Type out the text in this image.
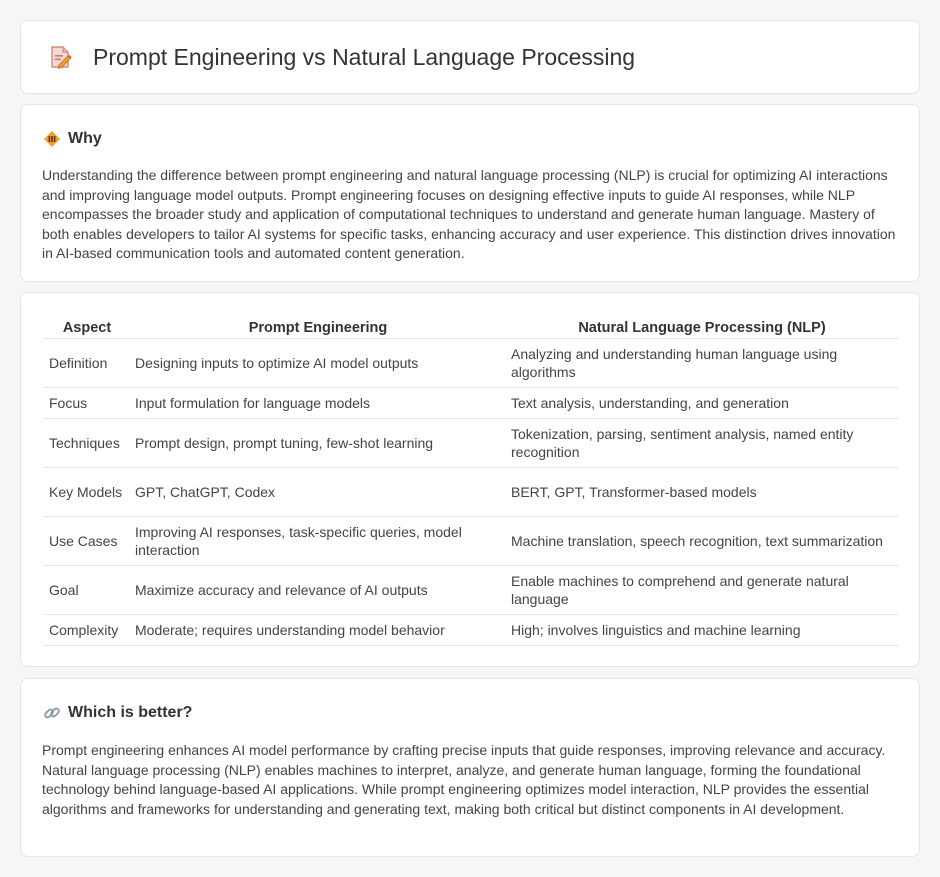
Prompt Engineering vs Natural Language Processing
Why

Understanding the difference between prompt engineering and natural language processing (NLP) is crucial for optimizing AI interactions and improving language model outputs. Prompt engineering focuses on designing effective inputs to guide AI responses, while NLP encompasses the broader study and application of computational techniques to understand and generate human language. Mastery of both enables developers to tailor AI systems for specific tasks, enhancing accuracy and user experience. This distinction drives innovation in AI-based communication tools and automated content generation.

Aspect	Prompt Engineering	Natural Language Processing (NLP)
Definition	Designing inputs to optimize AI model outputs	Analyzing and understanding human language using algorithms
Focus	Input formulation for language models	Text analysis, understanding, and generation
Techniques	Prompt design, prompt tuning, few-shot learning	Tokenization, parsing, sentiment analysis, named entity recognition
Key Models	GPT, ChatGPT, Codex	BERT, GPT, Transformer-based models
Use Cases	Improving AI responses, task-specific queries, model interaction	Machine translation, speech recognition, text summarization
Goal	Maximize accuracy and relevance of AI outputs	Enable machines to comprehend and generate natural language
Complexity	Moderate; requires understanding model behavior	High; involves linguistics and machine learning
Which is better?

Prompt engineering enhances AI model performance by crafting precise inputs that guide responses, improving relevance and accuracy. Natural language processing (NLP) enables machines to interpret, analyze, and generate human language, forming the foundational technology behind language-based AI applications. While prompt engineering optimizes model interaction, NLP provides the essential algorithms and frameworks for understanding and generating text, making both critical but distinct components in AI development.
